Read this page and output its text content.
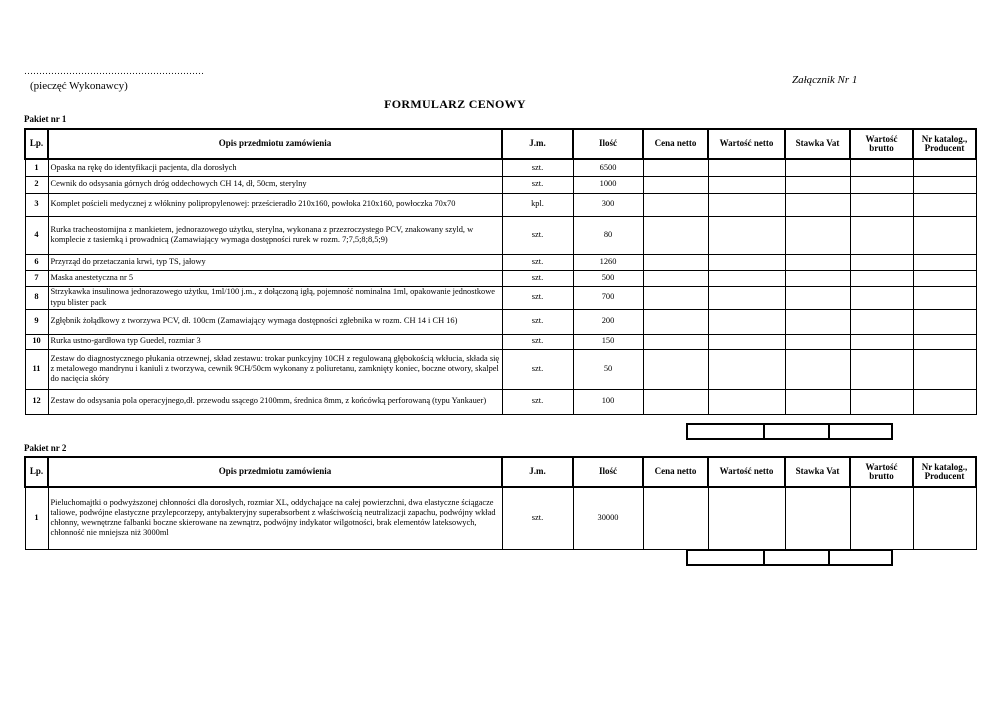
……………………………………………………
(pieczęć Wykonawcy)	Załącznik Nr 1
FORMULARZ CENOWY
Pakiet nr 1
Lp.	Opis przedmiotu zamówienia	J.m.	Ilość	Cena netto	Wartość netto	Stawka Vat	Wartość brutto	Nr katalog., Producent
1	Opaska na rękę do identyfikacji pacjenta, dla dorosłych	szt.	6500					
2	Cewnik do odsysania górnych dróg oddechowych CH 14, dł, 50cm, sterylny	szt.	1000					
3	Komplet pościeli medycznej z włókniny polipropylenowej: prześcieradło 210x160, powłoka 210x160, powłoczka 70x70	kpl.	300					
4	Rurka tracheostomijna z mankietem, jednorazowego użytku, sterylna, wykonana z przezroczystego PCV, znakowany szyld, w komplecie z tasiemką i prowadnicą (Zamawiający wymaga dostępności rurek w rozm. 7;7,5;8;8,5;9)	szt.	80					
6	Przyrząd do przetaczania krwi, typ TS, jałowy	szt.	1260					
7	Maska anestetyczna nr 5	szt.	500					
8	Strzykawka insulinowa jednorazowego użytku, 1ml/100 j.m., z dołączoną igłą, pojemność nominalna 1ml, opakowanie jednostkowe typu blister pack	szt.	700					
9	Zgłębnik żołądkowy z tworzywa PCV, dł. 100cm (Zamawiający wymaga dostępności zgłebnika w rozm. CH 14 i CH 16)	szt.	200					
10	Rurka ustno-gardłowa typ Guedel, rozmiar 3	szt.	150					
11	Zestaw do diagnostycznego płukania otrzewnej, skład zestawu: trokar punkcyjny 10CH z regulowaną głębokością wkłucia, składa się z metalowego mandrynu i kaniuli z tworzywa, cewnik 9CH/50cm wykonany z poliuretanu, zamknięty koniec, boczne otwory, skalpel do nacięcia skóry	szt.	50					
12	Zestaw do odsysania pola operacyjnego,dł. przewodu ssącego 2100mm, średnica 8mm, z końcówką perforowaną (typu Yankauer)	szt.	100					

Pakiet nr 2
Lp.	Opis przedmiotu zamówienia	J.m.	Ilość	Cena netto	Wartość netto	Stawka Vat	Wartość brutto	Nr katalog., Producent
1	Pieluchomajtki o podwyższonej chłonności dla dorosłych, rozmiar XL, oddychające na całej powierzchni, dwa elastyczne ściągacze taliowe, podwójne elastyczne przylepcorzepy, antybakteryjny superabsorbent z właściwością neutralizacji zapachu, podwójny wkład chłonny, wewnętrzne falbanki boczne skierowane na zewnątrz, podwójny indykator wilgotności, brak elementów lateksowych, chłonność nie mniejsza niż 3000ml	szt.	30000					
